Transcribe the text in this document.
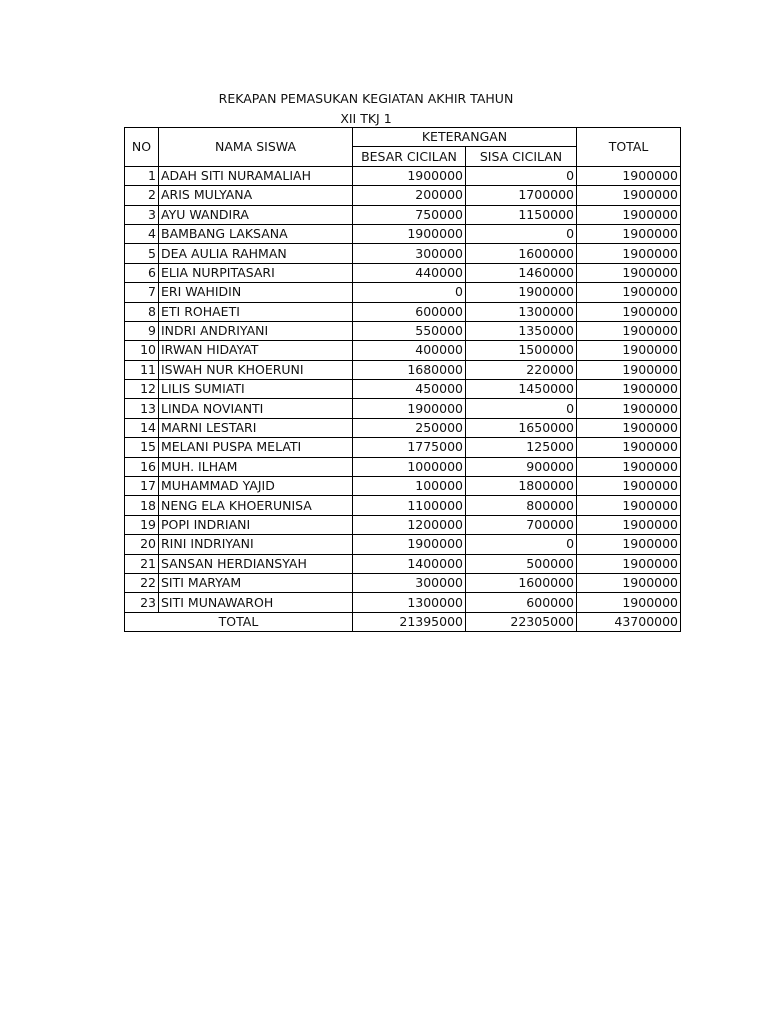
REKAPAN PEMASUKAN KEGIATAN AKHIR TAHUN
XII TKJ 1
NO	NAMA SISWA	KETERANGAN		TOTAL
		BESAR CICILAN	SISA CICILAN	
1	ADAH SITI NURAMALIAH	1900000	0	1900000
2	ARIS MULYANA	200000	1700000	1900000
3	AYU WANDIRA	750000	1150000	1900000
4	BAMBANG LAKSANA	1900000	0	1900000
5	DEA AULIA RAHMAN	300000	1600000	1900000
6	ELIA NURPITASARI	440000	1460000	1900000
7	ERI WAHIDIN	0	1900000	1900000
8	ETI ROHAETI	600000	1300000	1900000
9	INDRI ANDRIYANI	550000	1350000	1900000
10	IRWAN HIDAYAT	400000	1500000	1900000
11	ISWAH NUR KHOERUNI	1680000	220000	1900000
12	LILIS SUMIATI	450000	1450000	1900000
13	LINDA NOVIANTI	1900000	0	1900000
14	MARNI LESTARI	250000	1650000	1900000
15	MELANI PUSPA MELATI	1775000	125000	1900000
16	MUH. ILHAM	1000000	900000	1900000
17	MUHAMMAD YAJID	100000	1800000	1900000
18	NENG ELA KHOERUNISA	1100000	800000	1900000
19	POPI INDRIANI	1200000	700000	1900000
20	RINI INDRIYANI	1900000	0	1900000
21	SANSAN HERDIANSYAH	1400000	500000	1900000
22	SITI MARYAM	300000	1600000	1900000
23	SITI MUNAWAROH	1300000	600000	1900000
TOTAL		21395000	22305000	43700000
